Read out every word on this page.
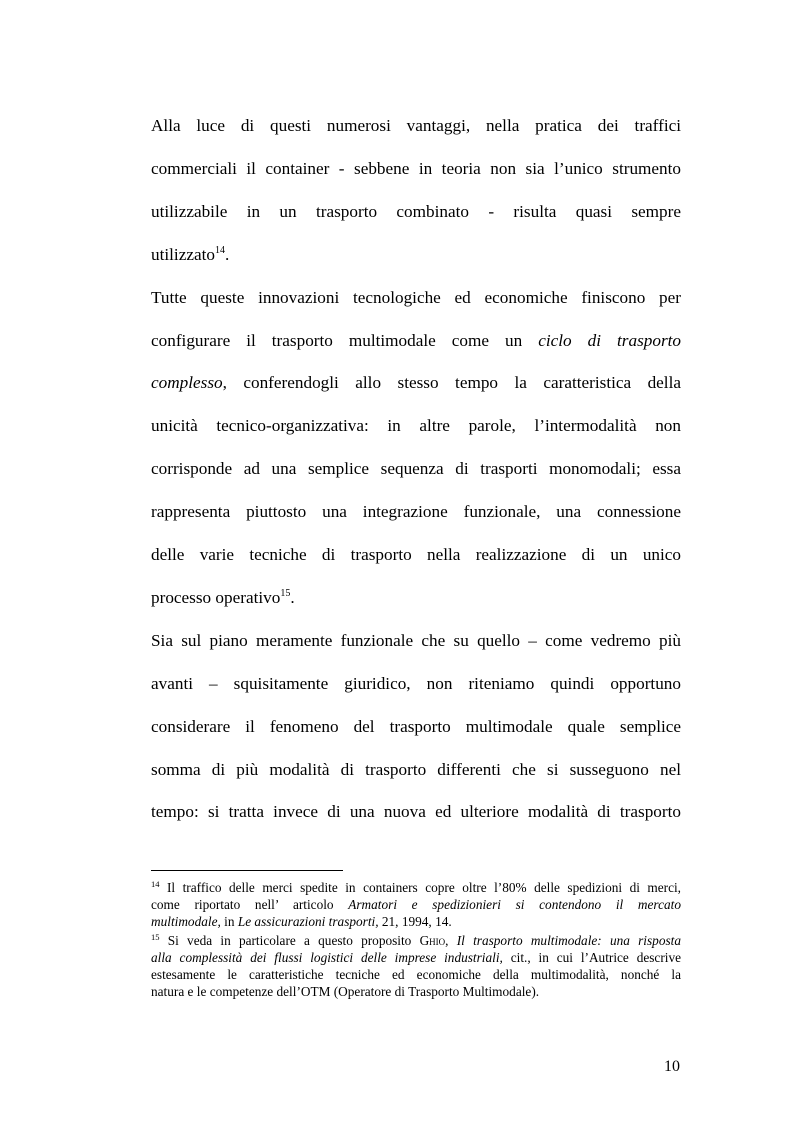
Alla luce di questi numerosi vantaggi, nella pratica dei traffici
commerciali il container - sebbene in teoria non sia l’unico strumento
utilizzabile in un trasporto combinato - risulta quasi sempre
utilizzato$^{14}$.
Tutte queste innovazioni tecnologiche ed economiche finiscono per
configurare il trasporto multimodale come un ciclo di trasporto
complesso, conferendogli allo stesso tempo la caratteristica della
unicità tecnico-organizzativa: in altre parole, l’intermodalità non
corrisponde ad una semplice sequenza di trasporti monomodali; essa
rappresenta piuttosto una integrazione funzionale, una connessione
delle varie tecniche di trasporto nella realizzazione di un unico
processo operativo$^{15}$.
Sia sul piano meramente funzionale che su quello – come vedremo più
avanti – squisitamente giuridico, non riteniamo quindi opportuno
considerare il fenomeno del trasporto multimodale quale semplice
somma di più modalità di trasporto differenti che si susseguono nel
tempo: si tratta invece di una nuova ed ulteriore modalità di trasporto
$^{14}$ Il traffico delle merci spedite in containers copre oltre l’80% delle spedizioni di merci,
come riportato nell’ articolo Armatori e spedizionieri si contendono il mercato
multimodale, in Le assicurazioni trasporti, 21, 1994, 14.
$^{15}$ Si veda in particolare a questo proposito Ghio, Il trasporto multimodale: una risposta
alla complessità dei flussi logistici delle imprese industriali, cit., in cui l’Autrice descrive
estesamente le caratteristiche tecniche ed economiche della multimodalità, nonché la
natura e le competenze dell’OTM (Operatore di Trasporto Multimodale).
10
